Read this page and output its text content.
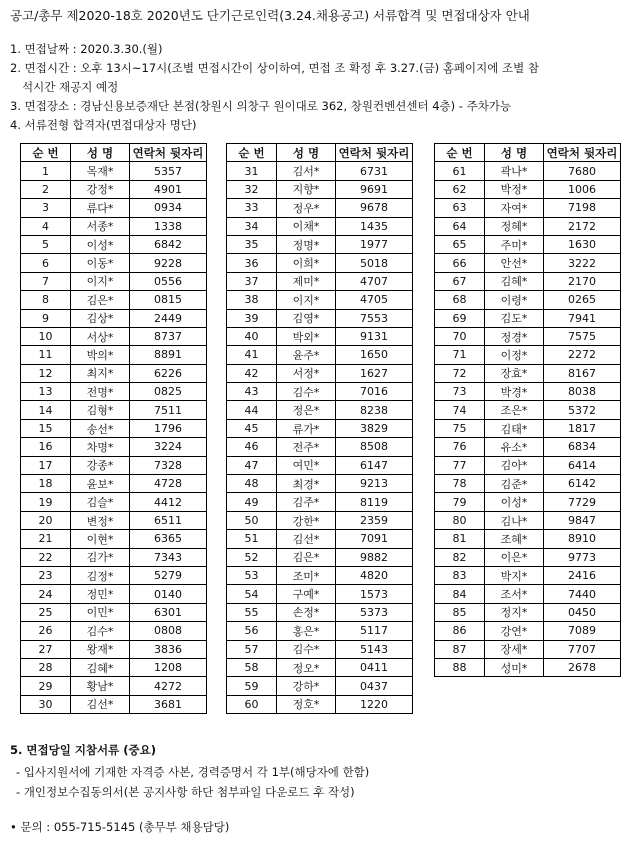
공고/총무 제2020-18호 2020년도 단기근로인력(3.24.채용공고) 서류합격 및 면접대상자 안내
1. 면접날짜 : 2020.3.30.(월)
2. 면접시간 : 오후 13시~17시(조별 면접시간이 상이하여, 면접 조 확정 후 3.27.(금) 홈페이지에 조별 참
석시간 재공지 예정
3. 면접장소 : 경남신용보증재단 본점(창원시 의창구 원이대로 362, 창원컨벤션센터 4층) - 주차가능
4. 서류전형 합격자(면접대상자 명단)
순 번	성 명	연락처 뒷자리
1	목재*	5357
2	강정*	4901
3	류다*	0934
4	서종*	1338
5	이성*	6842
6	이동*	9228
7	이지*	0556
8	김은*	0815
9	김상*	2449
10	서상*	8737
11	박의*	8891
12	최지*	6226
13	전명*	0825
14	김형*	7511
15	송선*	1796
16	차명*	3224
17	강종*	7328
18	윤보*	4728
19	김슬*	4412
20	변정*	6511
21	이현*	6365
22	김가*	7343
23	김정*	5279
24	정민*	0140
25	이민*	6301
26	김수*	0808
27	왕재*	3836
28	김혜*	1208
29	황남*	4272
30	김선*	3681
순 번	성 명	연락처 뒷자리
31	김서*	6731
32	지향*	9691
33	정우*	9678
34	이채*	1435
35	정명*	1977
36	이희*	5018
37	제미*	4707
38	이지*	4705
39	김영*	7553
40	박외*	9131
41	윤주*	1650
42	서정*	1627
43	김수*	7016
44	정은*	8238
45	류가*	3829
46	전주*	8508
47	여민*	6147
48	최경*	9213
49	김주*	8119
50	강한*	2359
51	김선*	7091
52	김은*	9882
53	조미*	4820
54	구예*	1573
55	손정*	5373
56	홍은*	5117
57	김수*	5143
58	정오*	0411
59	강하*	0437
60	정호*	1220
순 번	성 명	연락처 뒷자리
61	곽나*	7680
62	박정*	1006
63	자여*	7198
64	정혜*	2172
65	주미*	1630
66	안선*	3222
67	김혜*	2170
68	이령*	0265
69	김도*	7941
70	정경*	7575
71	이정*	2272
72	장효*	8167
73	박경*	8038
74	조은*	5372
75	김태*	1817
76	유소*	6834
77	김아*	6414
78	김준*	6142
79	이성*	7729
80	김나*	9847
81	조혜*	8910
82	이은*	9773
83	박지*	2416
84	조서*	7440
85	정지*	0450
86	강연*	7089
87	장세*	7707
88	성미*	2678
5. 면접당일 지참서류 (중요)
- 입사지원서에 기재한 자격증 사본, 경력증명서 각 1부(해당자에 한함)
- 개인정보수집동의서(본 공지사항 하단 첨부파일 다운로드 후 작성)
• 문의 : 055-715-5145 (총무부 채용담당)
